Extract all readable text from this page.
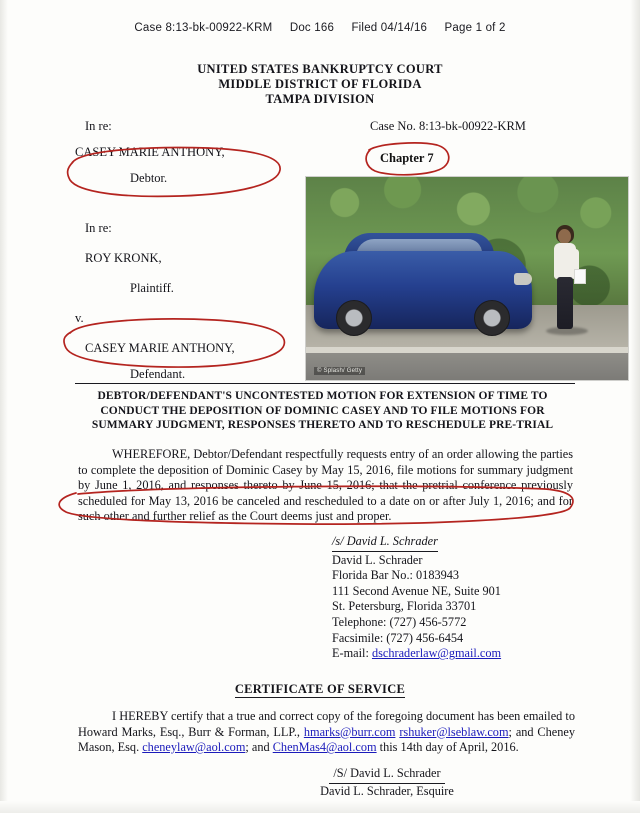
Case 8:13-bk-00922-KRM Doc 166 Filed 04/14/16 Page 1 of 2
UNITED STATES BANKRUPTCY COURT
MIDDLE DISTRICT OF FLORIDA
TAMPA DIVISION
In re:	Case No. 8:13-bk-00922-KRM
CASEY MARIE ANTHONY,
Debtor.
In re:
ROY KRONK,
Plaintiff.
v.
CASEY MARIE ANTHONY,
Defendant.	© Splash/ Getty
DEBTOR/DEFENDANT'S UNCONTESTED MOTION FOR EXTENSION OF TIME TO
CONDUCT THE DEPOSITION OF DOMINIC CASEY AND TO FILE MOTIONS FOR
SUMMARY JUDGMENT, RESPONSES THERETO AND TO RESCHEDULE PRE-TRIAL
WHEREFORE, Debtor/Defendant respectfully requests entry of an order allowing the parties to complete the deposition of Dominic Casey by May 15, 2016, file motions for summary judgment by June 1, 2016, and responses thereto by June 15, 2016; that the pretrial conference previously scheduled for May 13, 2016 be canceled and rescheduled to a date on or after July 1, 2016; and for such other and further relief as the Court deems just and proper.
/s/ David L. Schrader
David L. Schrader
Florida Bar No.: 0183943
111 Second Avenue NE, Suite 901
St. Petersburg, Florida 33701
Telephone: (727) 456-5772
Facsimile: (727) 456-6454
E-mail: dschraderlaw@gmail.com
CERTIFICATE OF SERVICE
I HEREBY certify that a true and correct copy of the foregoing document has been emailed to Howard Marks, Esq., Burr & Forman, LLP., hmarks@burr.com rshuker@lseblaw.com; and Cheney Mason, Esq. cheneylaw@aol.com; and ChenMas4@aol.com this 14th day of April, 2016.
/S/ David L. Schrader
David L. Schrader, Esquire
Chapter 7
